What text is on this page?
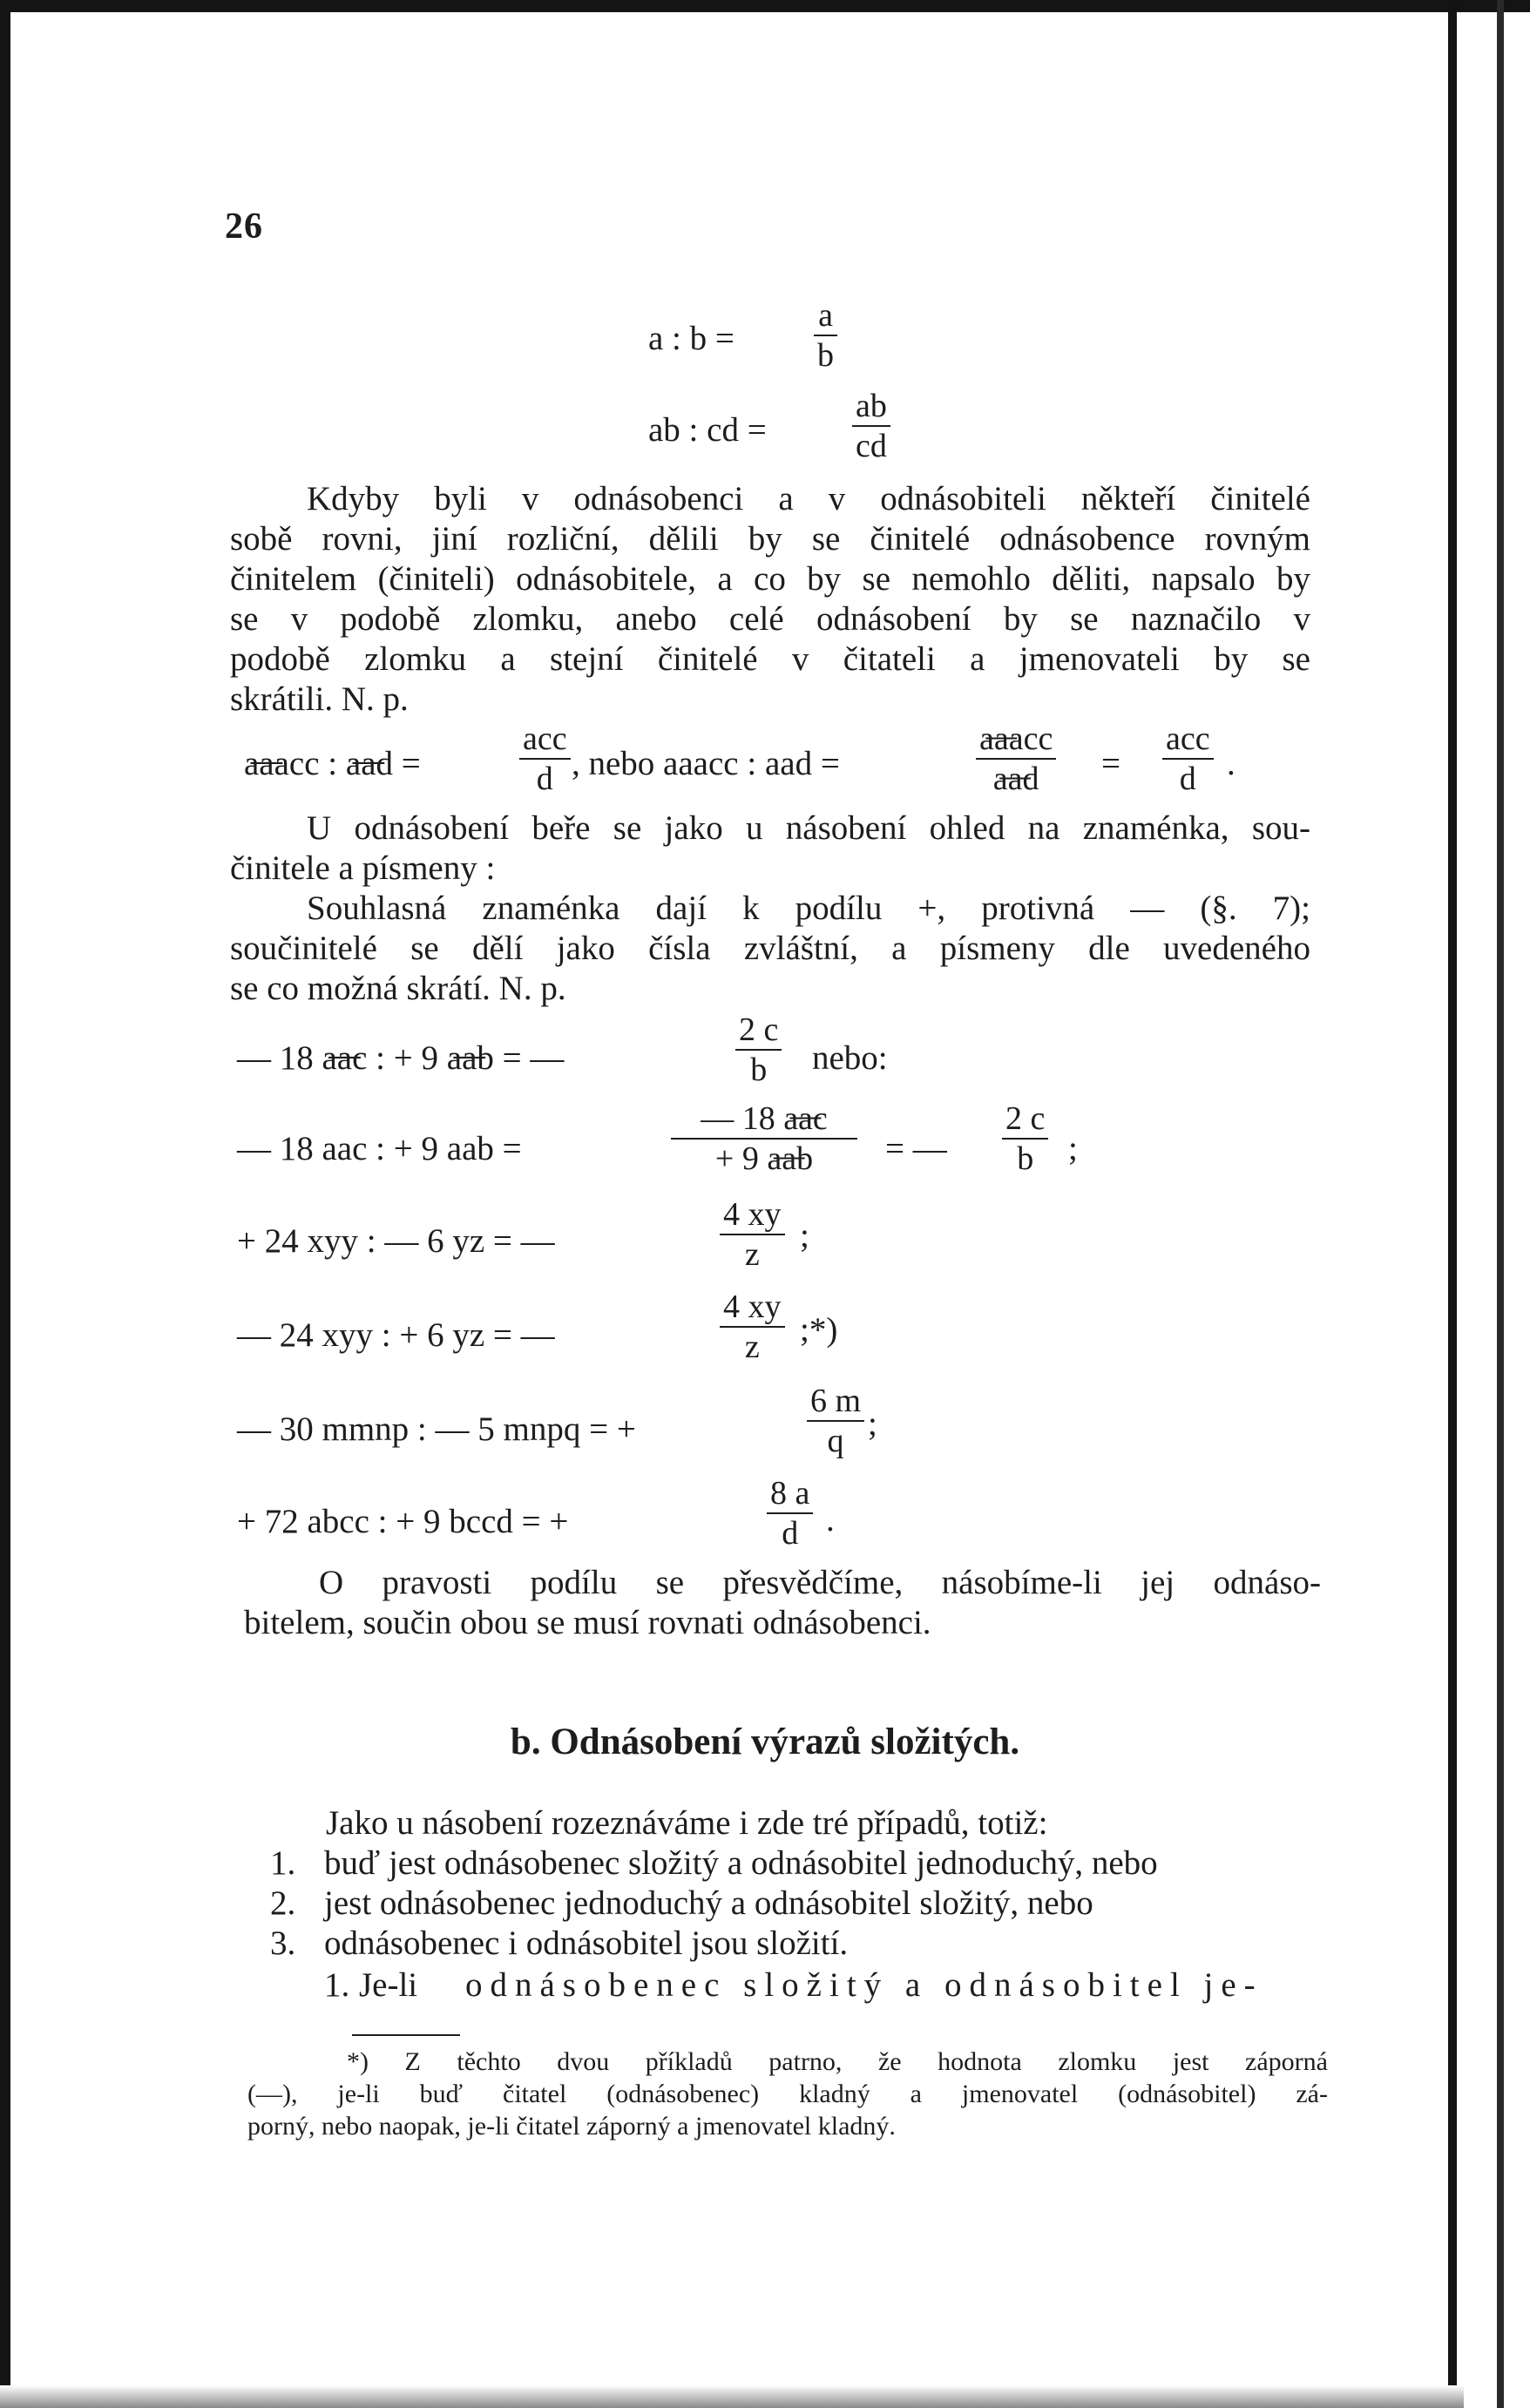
26
a : $b = \frac{a}{b}$
ab : cd =	$\frac{ab}{cd}$
Kdyby byli v odnásobenci a v odnásobiteli někteří činitelé
sobě rovni, jiní rozliční, dělili by se činitelé odnásobence rovným
činitelem (činiteli) odnásobitele, a co by se nemohlo děliti, napsalo by
se v podobě zlomku, anebo celé odnásobení by se naznačilo v
podobě zlomku a stejní činitelé v čitateli a jmenovateli by se
skrátili. N. p.
a̶a̶acc : a̶a̶d =
acc
d , nebo aaacc : aad =
a̶a̶acc
a̶a̶d	=
acc
d .
U odnásobení beře se jako u násobení ohled na znaménka, sou-
činitele a písmeny :
Souhlasná znaménka dají k podílu +, protivná — (§. 7);
součinitelé se dělí jako čísla zvláštní, a písmeny dle uvedeného
se co možná skrátí. N. p.
— 18 a̶a̶c : + 9 a̶a̶b = —	$\frac{2 c}{b}$ nebo:
— 18 aac : + 9 aab =	$\frac{— 18 a̶a̶c}{+ 9 a̶a̶b}$ = — $\frac{2 c}{b}$ ;
+ 24 xyy : — 6 yz = —	$\frac{4 xy}{z}$ ;
— 24 xyy : + 6 yz = —	$\frac{4 xy}{z}$ ;*)
— 30 mmnp : — 5 mnpq = +	$\frac{6 m}{q}$ ;
+ 72 abcc : + 9 bccd = +	$\frac{8 a}{d}$ .
O pravosti podílu se přesvědčíme, násobíme-li jej odnáso-
bitelem, součin obou se musí rovnati odnásobenci.
b. Odnásobení výrazů složitých.
Jako u násobení rozeznáváme i zde tré případů, totiž:
1. buď jest odnásobenec složitý a odnásobitel jednoduchý, nebo
2. jest odnásobenec jednoduchý a odnásobitel složitý, nebo
3. odnásobenec i odnásobitel jsou složití.
1. Je-li odnásobenec složitý a odnásobitel je-
*) Z těchto dvou příkladů patrno, že hodnota zlomku jest záporná
(—), je-li buď čitatel (odnásobenec) kladný a jmenovatel (odnásobitel) zá-
porný, nebo naopak, je-li čitatel záporný a jmenovatel kladný.
